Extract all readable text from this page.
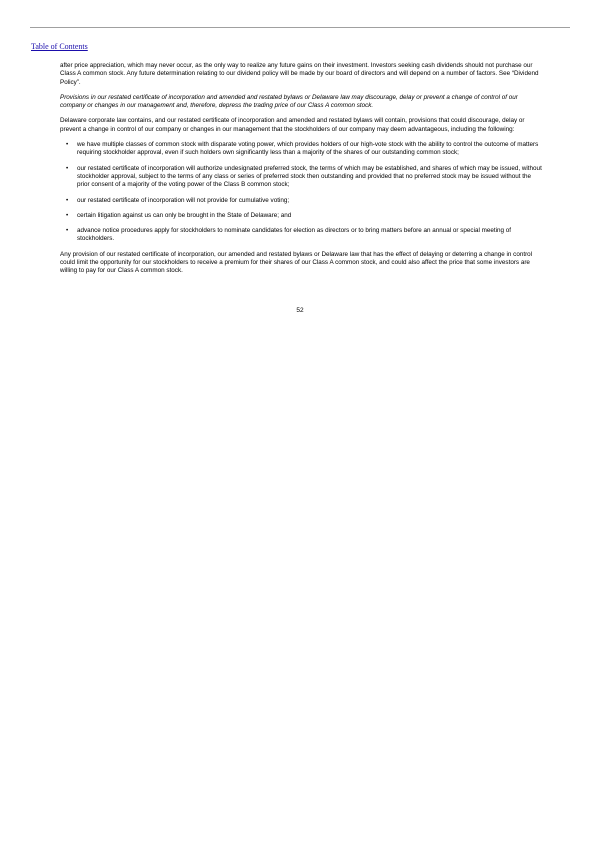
Table of Contents

after price appreciation, which may never occur, as the only way to realize any future gains on their investment. Investors seeking cash dividends should not purchase our Class A common stock. Any future determination relating to our dividend policy will be made by our board of directors and will depend on a number of factors. See “Dividend Policy”.

Provisions in our restated certificate of incorporation and amended and restated bylaws or Delaware law may discourage, delay or prevent a change of control of our company or changes in our management and, therefore, depress the trading price of our Class A common stock.

Delaware corporate law contains, and our restated certificate of incorporation and amended and restated bylaws will contain, provisions that could discourage, delay or prevent a change in control of our company or changes in our management that the stockholders of our company may deem advantageous, including the following:

• we have multiple classes of common stock with disparate voting power, which provides holders of our high-vote stock with the ability to control the outcome of matters requiring stockholder approval, even if such holders own significantly less than a majority of the shares of our outstanding common stock;
• our restated certificate of incorporation will authorize undesignated preferred stock, the terms of which may be established, and shares of which may be issued, without stockholder approval, subject to the terms of any class or series of preferred stock then outstanding and provided that no preferred stock may be issued without the prior consent of a majority of the voting power of the Class B common stock;
• our restated certificate of incorporation will not provide for cumulative voting;
• certain litigation against us can only be brought in the State of Delaware; and
• advance notice procedures apply for stockholders to nominate candidates for election as directors or to bring matters before an annual or special meeting of stockholders.

Any provision of our restated certificate of incorporation, our amended and restated bylaws or Delaware law that has the effect of delaying or deterring a change in control could limit the opportunity for our stockholders to receive a premium for their shares of our Class A common stock, and could also affect the price that some investors are willing to pay for our Class A common stock.

52
